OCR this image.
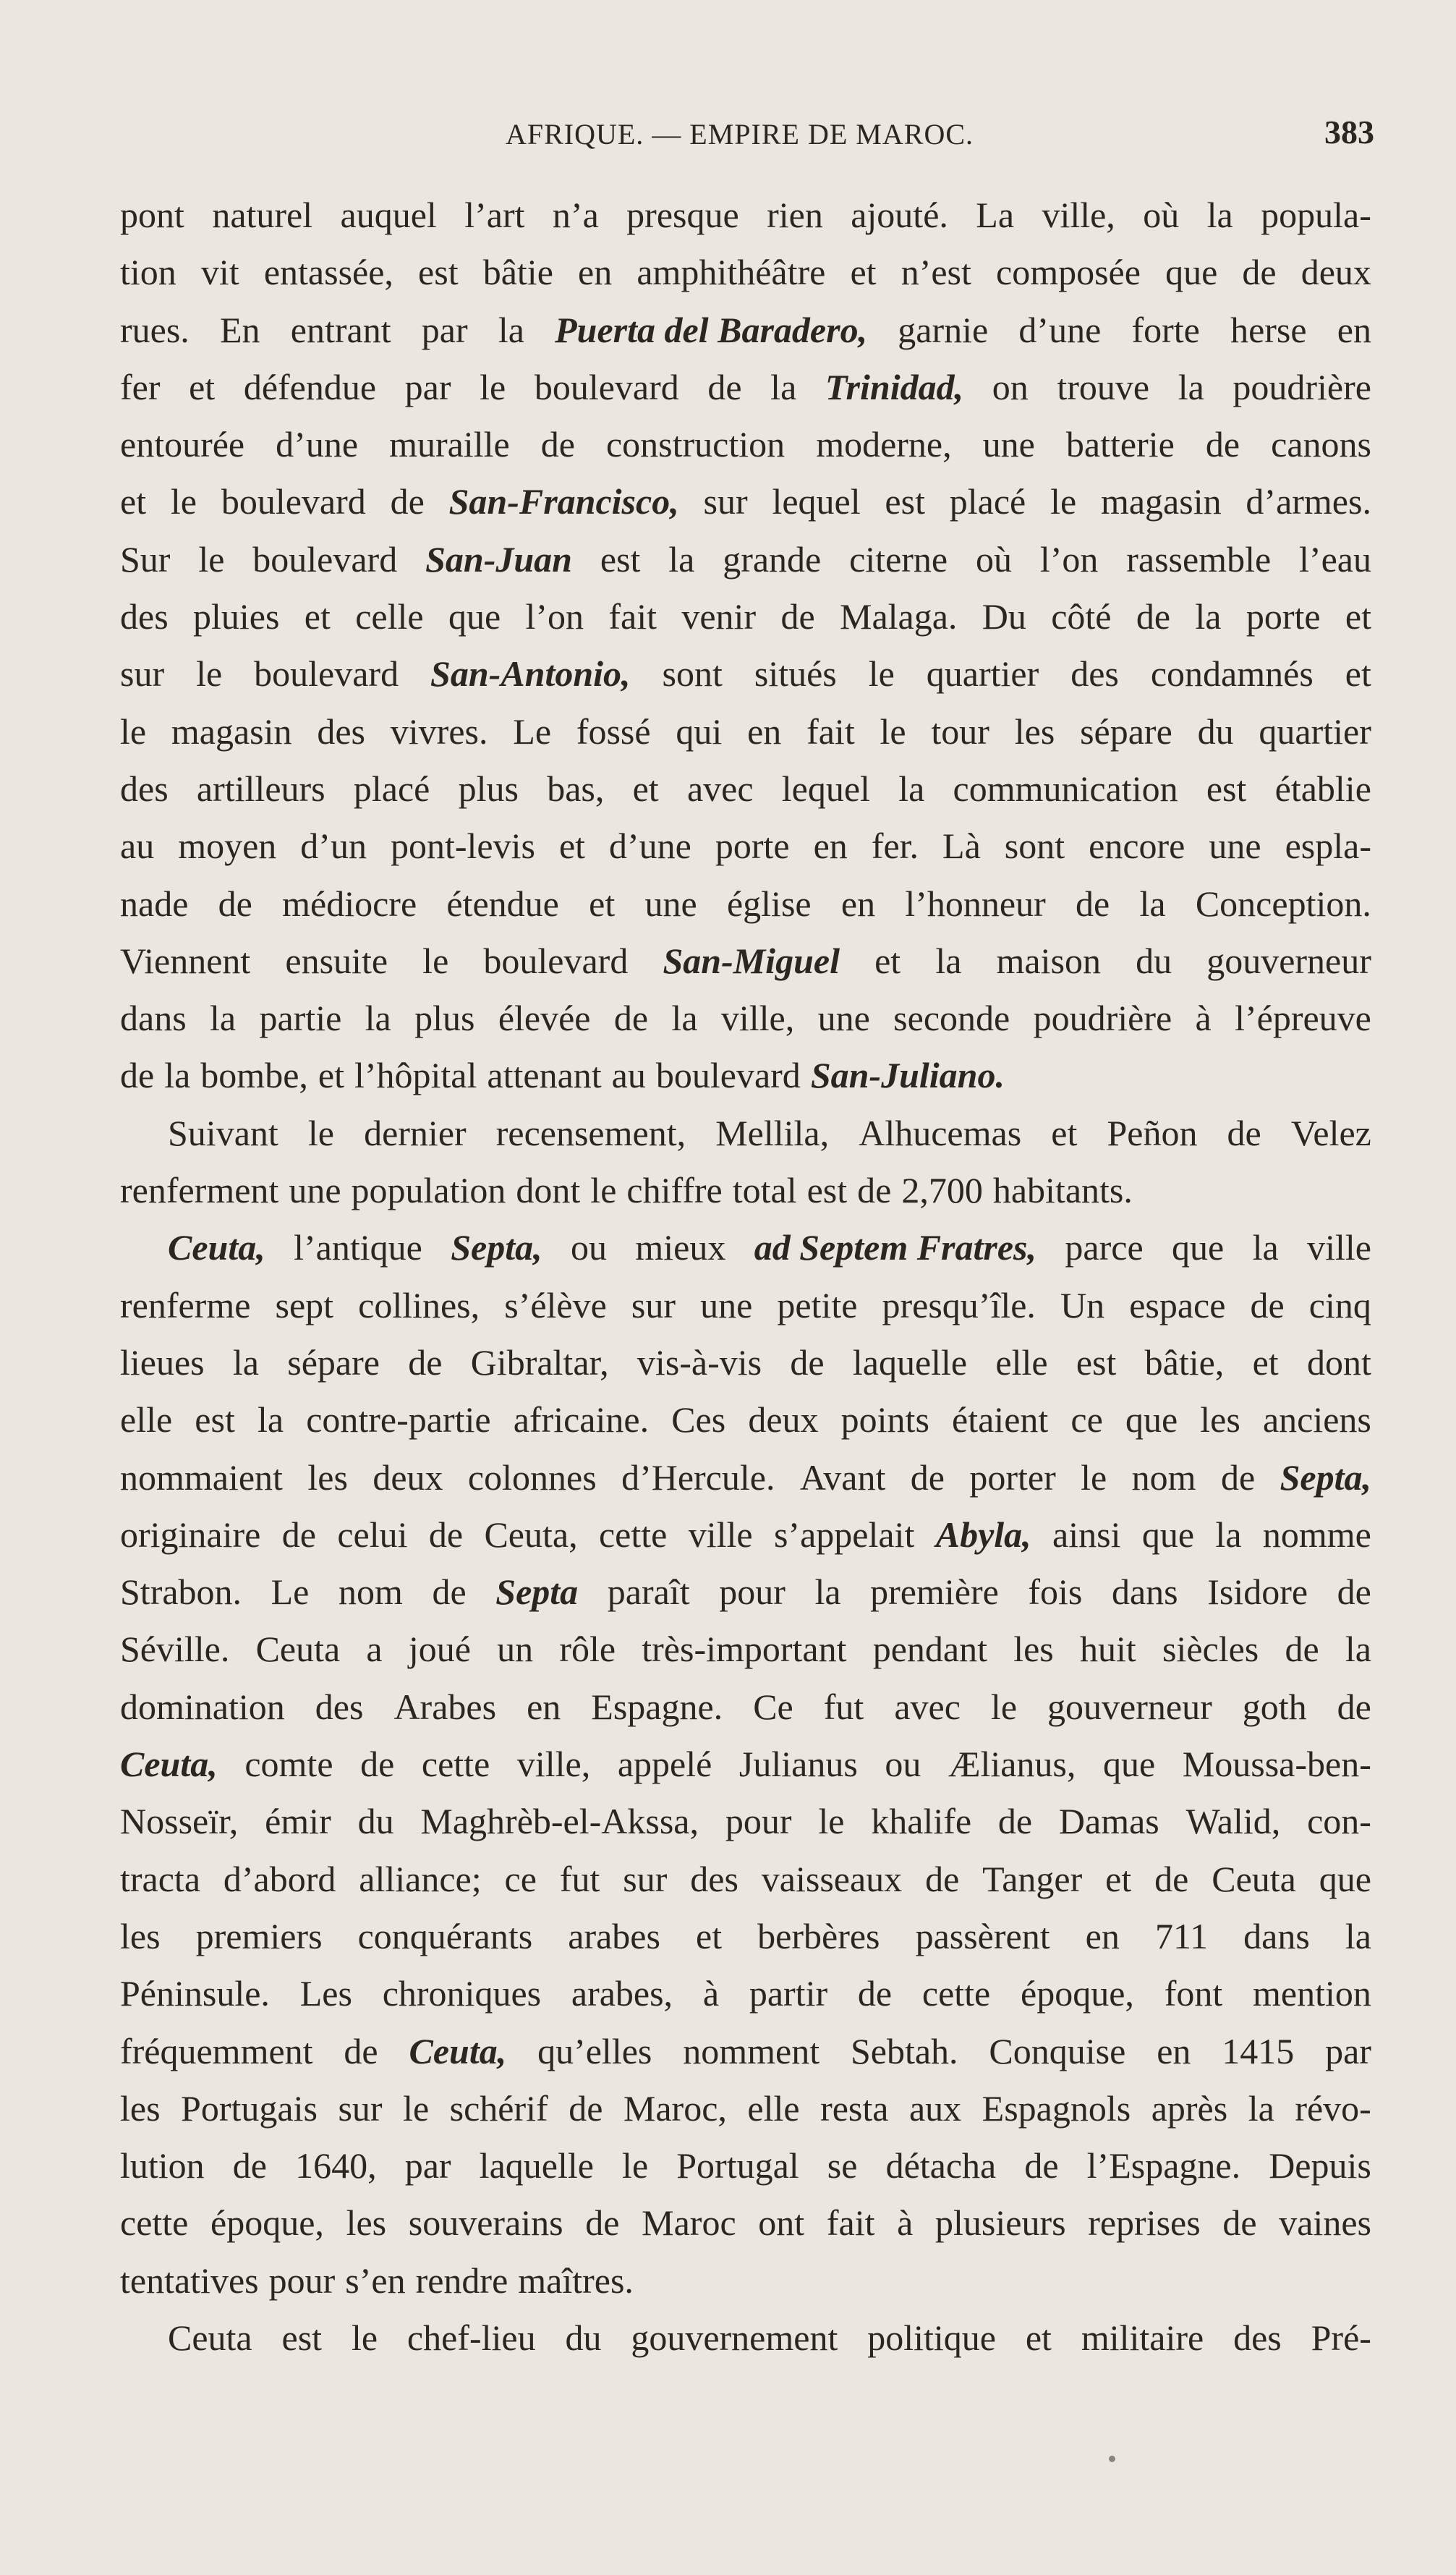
AFRIQUE. — EMPIRE DE MAROC.	383
pont naturel auquel l’art n’a presque rien ajouté. La ville, où la popula-
tion vit entassée, est bâtie en amphithéâtre et n’est composée que de deux
rues. En entrant par la Puerta del Baradero, garnie d’une forte herse en
fer et défendue par le boulevard de la Trinidad, on trouve la poudrière
entourée d’une muraille de construction moderne, une batterie de canons
et le boulevard de San-Francisco, sur lequel est placé le magasin d’armes.
Sur le boulevard San-Juan est la grande citerne où l’on rassemble l’eau
des pluies et celle que l’on fait venir de Malaga. Du côté de la porte et
sur le boulevard San-Antonio, sont situés le quartier des condamnés et
le magasin des vivres. Le fossé qui en fait le tour les sépare du quartier
des artilleurs placé plus bas, et avec lequel la communication est établie
au moyen d’un pont-levis et d’une porte en fer. Là sont encore une espla-
nade de médiocre étendue et une église en l’honneur de la Conception.
Viennent ensuite le boulevard San-Miguel et la maison du gouverneur
dans la partie la plus élevée de la ville, une seconde poudrière à l’épreuve
de la bombe, et l’hôpital attenant au boulevard San-Juliano.
Suivant le dernier recensement, Mellila, Alhucemas et Peñon de Velez
renferment une population dont le chiffre total est de 2,700 habitants.
Ceuta, l’antique Septa, ou mieux ad Septem Fratres, parce que la ville
renferme sept collines, s’élève sur une petite presqu’île. Un espace de cinq
lieues la sépare de Gibraltar, vis-à-vis de laquelle elle est bâtie, et dont
elle est la contre-partie africaine. Ces deux points étaient ce que les anciens
nommaient les deux colonnes d’Hercule. Avant de porter le nom de Septa,
originaire de celui de Ceuta, cette ville s’appelait Abyla, ainsi que la nomme
Strabon. Le nom de Septa paraît pour la première fois dans Isidore de
Séville. Ceuta a joué un rôle très-important pendant les huit siècles de la
domination des Arabes en Espagne. Ce fut avec le gouverneur goth de
Ceuta, comte de cette ville, appelé Julianus ou Ælianus, que Moussa-ben-
Nosseïr, émir du Maghrèb-el-Akssa, pour le khalife de Damas Walid, con-
tracta d’abord alliance; ce fut sur des vaisseaux de Tanger et de Ceuta que
les premiers conquérants arabes et berbères passèrent en 711 dans la
Péninsule. Les chroniques arabes, à partir de cette époque, font mention
fréquemment de Ceuta, qu’elles nomment Sebtah. Conquise en 1415 par
les Portugais sur le schérif de Maroc, elle resta aux Espagnols après la révo-
lution de 1640, par laquelle le Portugal se détacha de l’Espagne. Depuis
cette époque, les souverains de Maroc ont fait à plusieurs reprises de vaines
tentatives pour s’en rendre maîtres.
Ceuta est le chef-lieu du gouvernement politique et militaire des Pré-
